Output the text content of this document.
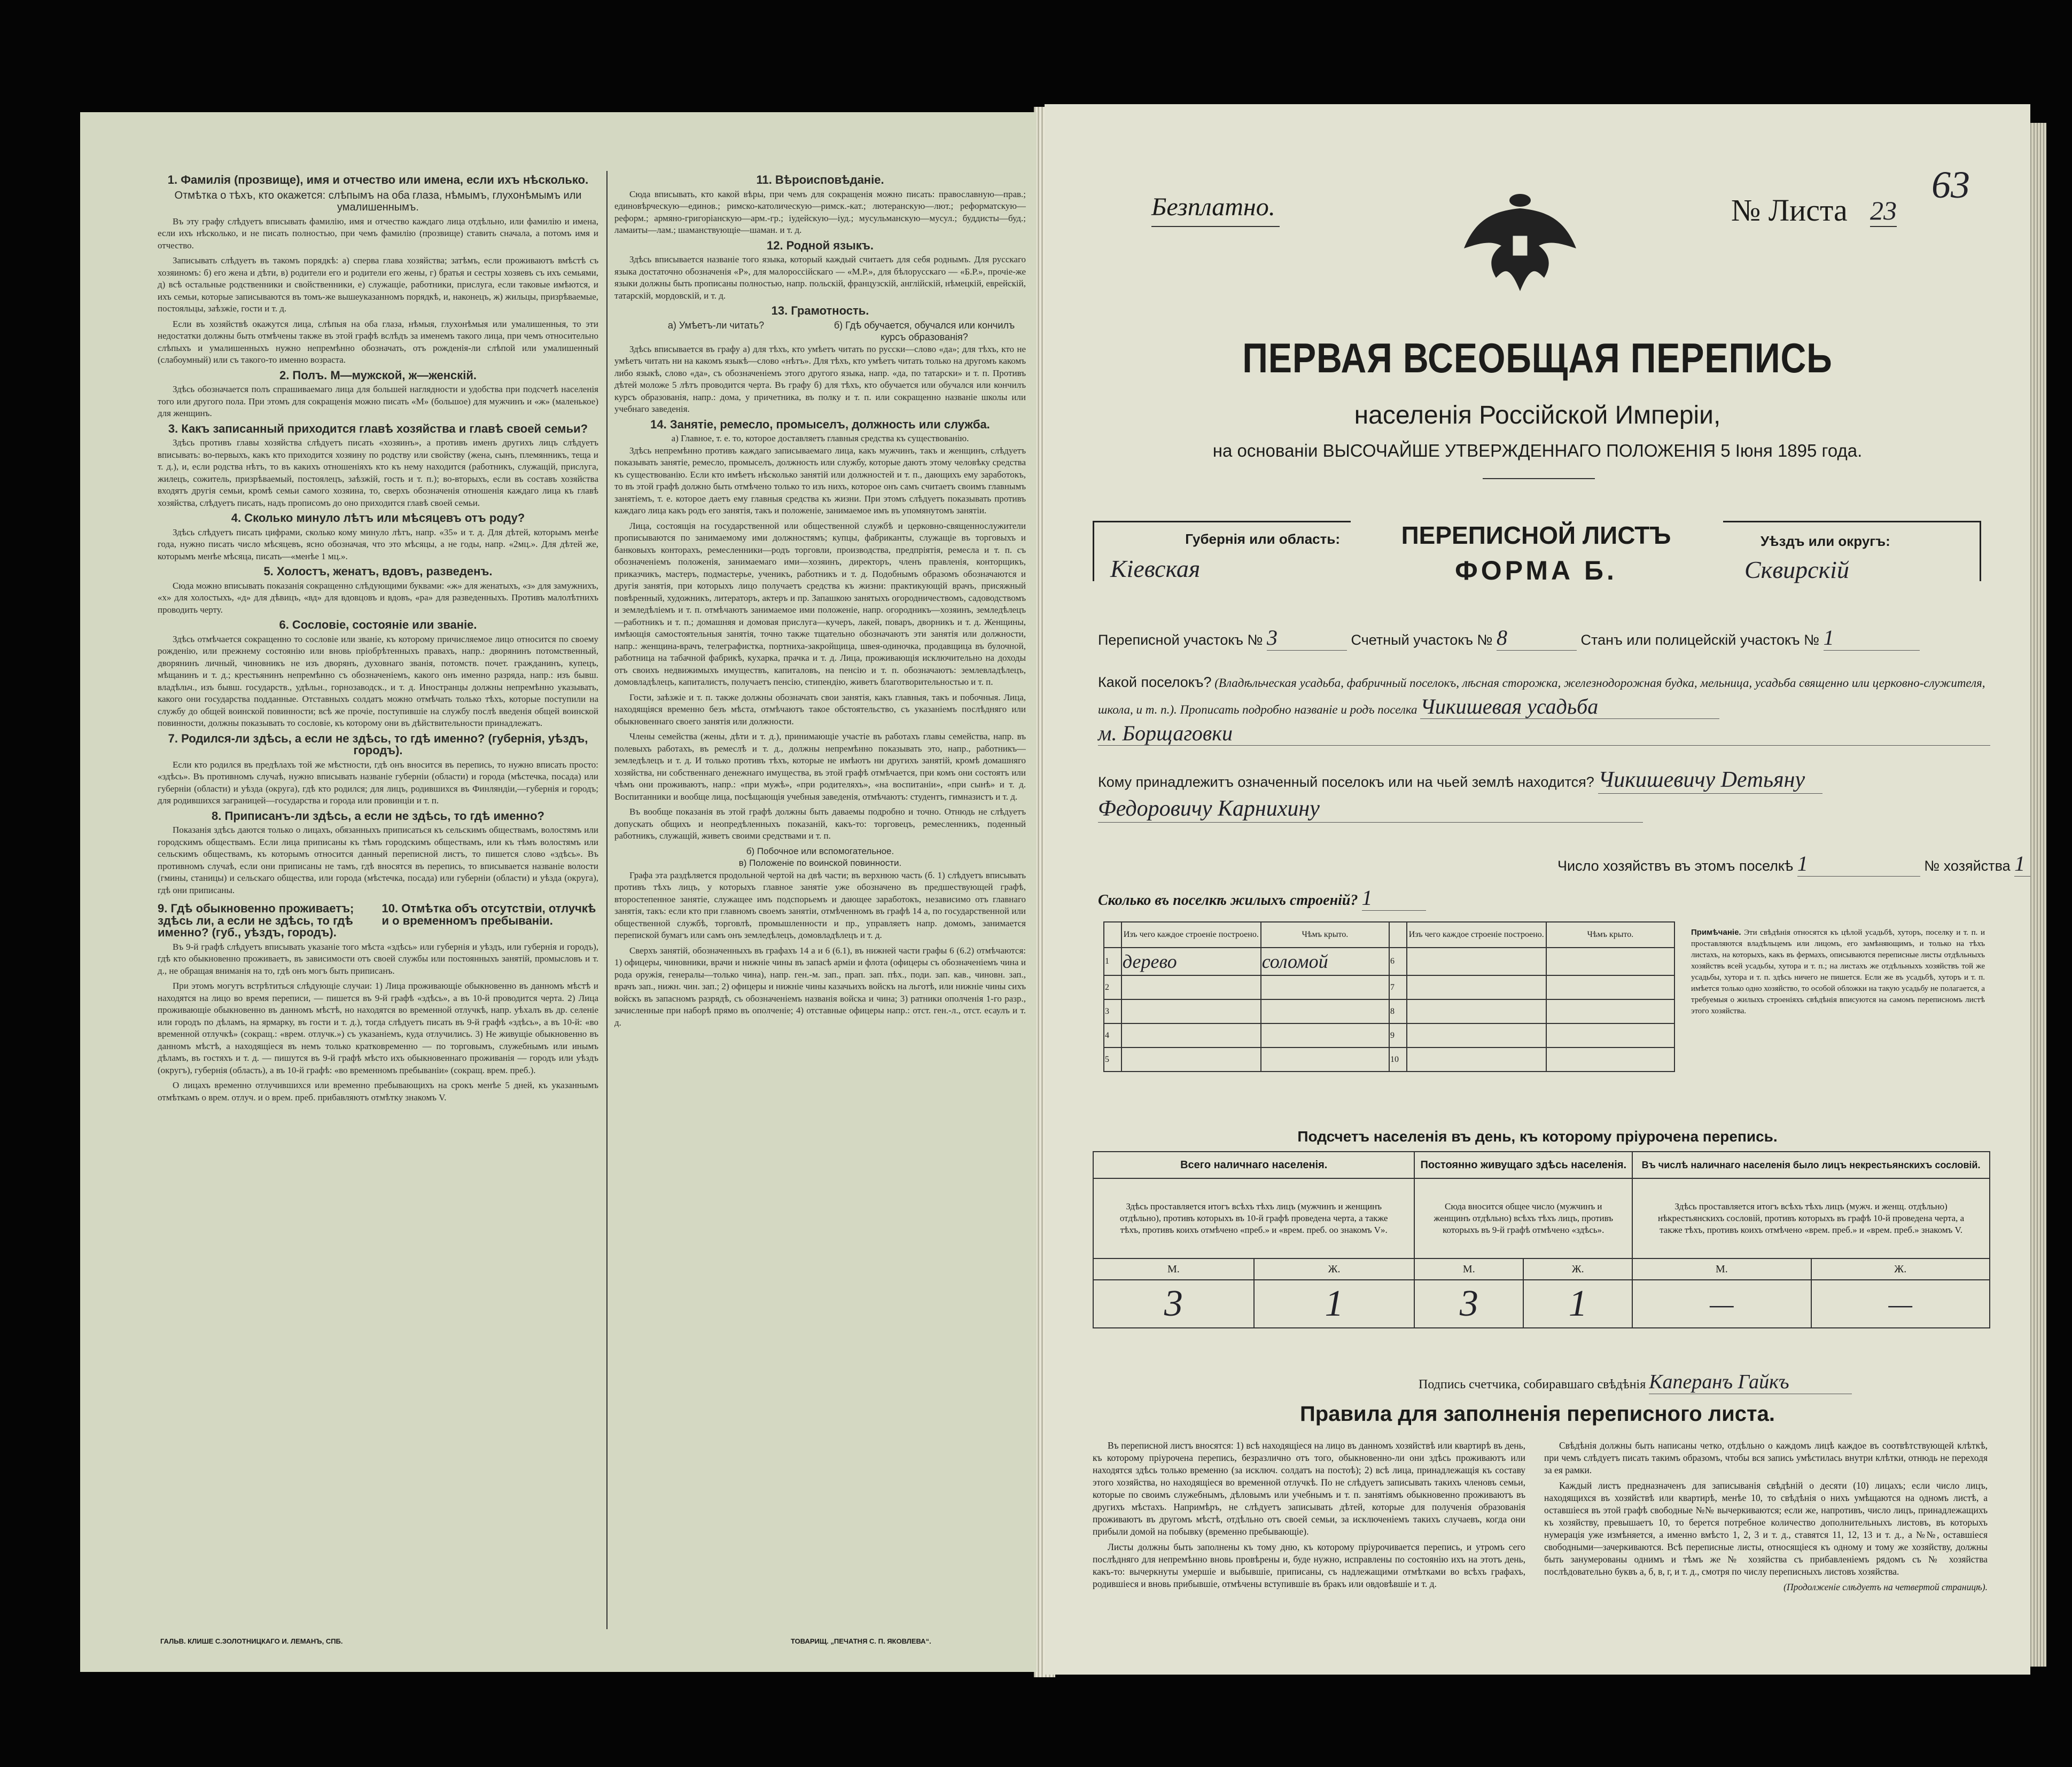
1. Фамилія (прозвище), имя и отчество или имена, если ихъ нѣсколько.
Отмѣтка о тѣхъ, кто окажется: слѣпымъ на оба глаза, нѣмымъ, глухонѣмымъ или умалишеннымъ.

Въ эту графу слѣдуетъ вписывать фамилію, имя и отчество каждаго лица отдѣльно, или фамилію и имена, если ихъ нѣсколько, и не писать полностью, при чемъ фамилію (прозвище) ставить сначала, а потомъ имя и отчество.

Записывать слѣдуетъ въ такомъ порядкѣ: а) сперва глава хозяйства; затѣмъ, если проживаютъ вмѣстѣ съ хозяиномъ: б) его жена и дѣти, в) родители его и родители его жены, г) братья и сестры хозяевъ съ ихъ семьями, д) всѣ остальные родственники и свойственники, е) служащіе, работники, прислуга, если таковые имѣются, и ихъ семьи, которые записываются въ томъ-же вышеуказанномъ порядкѣ, и, наконецъ, ж) жильцы, призрѣваемые, постояльцы, заѣзжіе, гости и т. д.

Если въ хозяйствѣ окажутся лица, слѣпыя на оба глаза, нѣмыя, глухонѣмыя или умалишенныя, то эти недостатки должны быть отмѣчены также въ этой графѣ вслѣдъ за именемъ такого лица, при чемъ относительно слѣпыхъ и умалишенныхъ нужно непремѣнно обозначать, отъ рожденія-ли слѣпой или умалишенный (слабоумный) или съ такого-то именно возраста.

2. Полъ. М—мужской, ж—женскій.

Здѣсь обозначается полъ спрашиваемаго лица для большей наглядности и удобства при подсчетѣ населенія того или другого пола. При этомъ для сокращенія можно писать «М» (большое) для мужчинъ и «ж» (маленькое) для женщинъ.

3. Какъ записанный приходится главѣ хозяйства и главѣ своей семьи?

Здѣсь противъ главы хозяйства слѣдуетъ писать «хозяинъ», а противъ именъ другихъ лицъ слѣдуетъ вписывать: во-первыхъ, какъ кто приходится хозяину по родству или свойству (жена, сынъ, племянникъ, теща и т. д.), и, если родства нѣтъ, то въ какихъ отношеніяхъ кто къ нему находится (работникъ, служащій, прислуга, жилецъ, сожитель, призрѣваемый, постоялецъ, заѣзжій, гость и т. п.); во-вторыхъ, если въ составъ хозяйства входятъ другія семьи, кромѣ семьи самого хозяина, то, сверхъ обозначенія отношенія каждаго лица къ главѣ хозяйства, слѣдуетъ писать, надъ прописомъ до оно приходится главѣ своей семьи.

4. Сколько минуло лѣтъ или мѣсяцевъ отъ роду?

Здѣсь слѣдуетъ писать цифрами, сколько кому минуло лѣтъ, напр. «35» и т. д. Для дѣтей, которымъ менѣе года, нужно писать число мѣсяцевъ, ясно обозначая, что это мѣсяцы, а не годы, напр. «2мц.». Для дѣтей же, которымъ менѣе мѣсяца, писать—«менѣе 1 мц.».

5. Холостъ, женатъ, вдовъ, разведенъ.

Сюда можно вписывать показанія сокращенно слѣдующими буквами: «ж» для женатыхъ, «з» для замужнихъ, «х» для холостыхъ, «д» для дѣвицъ, «вд» для вдовцовъ и вдовъ, «ра» для разведенныхъ. Противъ малолѣтнихъ проводить черту.

6. Сословіе, состояніе или званіе.

Здѣсь отмѣчается сокращенно то сословіе или званіе, къ которому причисляемое лицо относится по своему рожденію, или прежнему состоянію или вновь пріобрѣтенныхъ правахъ, напр.: дворянинъ потомственный, дворянинъ личный, чиновникъ не изъ дворянъ, духовнаго званія, потомств. почет. гражданинъ, купецъ, мѣщанинъ и т. д.; крестьянинъ непремѣнно съ обозначеніемъ, какого онъ именно разряда, напр.: изъ бывш. владѣльч., изъ бывш. государств., удѣльн., горнозаводск., и т. д. Иностранцы должны непремѣнно указывать, какого они государства подданные. Отставныхъ солдатъ можно отмѣчать только тѣхъ, которые поступили на службу до общей воинской повинности; всѣ же прочіе, поступившіе на службу послѣ введенія общей воинской повинности, должны показывать то сословіе, къ которому они въ дѣйствительности принадлежатъ.

7. Родился-ли здѣсь, а если не здѣсь, то гдѣ именно? (губернія, уѣздъ, городъ).

Если кто родился въ предѣлахъ той же мѣстности, гдѣ онъ вносится въ перепись, то нужно вписать просто: «здѣсь». Въ противномъ случаѣ, нужно вписывать названіе губерніи (области) и города (мѣстечка, посада) или губерніи (области) и уѣзда (округа), гдѣ кто родился; для лицъ, родившихся въ Финляндіи,—губернія и городъ; для родившихся заграницей—государства и города или провинціи и т. п.

8. Приписанъ-ли здѣсь, а если не здѣсь, то гдѣ именно?

Показанія здѣсь даются только о лицахъ, обязанныхъ приписаться къ сельскимъ обществамъ, волостямъ или городскимъ обществамъ. Если лица приписаны къ тѣмъ городскимъ обществамъ, или къ тѣмъ волостямъ или сельскимъ обществамъ, къ которымъ относится данный переписной листъ, то пишется слово «здѣсь». Въ противномъ случаѣ, если они приписаны не тамъ, гдѣ вносятся въ перепись, то вписывается названіе волости (гмины, станицы) и сельскаго общества, или города (мѣстечка, посада) или губерніи (области) и уѣзда (округа), гдѣ они приписаны.

9. Гдѣ обыкновенно проживаетъ; здѣсь ли, а если не здѣсь, то гдѣ именно? (губ., уѣздъ, городъ).
10. Отмѣтка объ отсутствіи, отлучкѣ и о временномъ пребываніи.

Въ 9-й графѣ слѣдуетъ вписывать указаніе того мѣста «здѣсь» или губернія и уѣздъ, или губернія и городъ), гдѣ кто обыкновенно проживаетъ, въ зависимости отъ своей службы или постоянныхъ занятій, промысловъ и т. д., не обращая вниманія на то, гдѣ онъ могъ быть приписанъ.

При этомъ могутъ встрѣтиться слѣдующіе случаи: 1) Лица проживающіе обыкновенно въ данномъ мѣстѣ и находятся на лицо во время переписи, — пишется въ 9-й графѣ «здѣсь», а въ 10-й проводится черта. 2) Лица проживающіе обыкновенно въ данномъ мѣстѣ, но находятся во временной отлучкѣ, напр. уѣхалъ въ др. селеніе или городъ по дѣламъ, на ярмарку, въ гости и т. д.), тогда слѣдуетъ писать въ 9-й графѣ «здѣсь», а въ 10-й: «во временной отлучкѣ» (сокращ.: «врем. отлучк.») съ указаніемъ, куда отлучились. 3) Не живущіе обыкновенно въ данномъ мѣстѣ, а находящіеся въ немъ только кратковременно — по торговымъ, служебнымъ или инымъ дѣламъ, въ гостяхъ и т. д. — пишутся въ 9-й графѣ мѣсто ихъ обыкновеннаго проживанія — городъ или уѣздъ (округъ), губернія (область), а въ 10-й графѣ: «во временномъ пребываніи» (сокращ. врем. преб.).

О лицахъ временно отлучившихся или временно пребывающихъ на срокъ менѣе 5 дней, къ указаннымъ отмѣткамъ о врем. отлуч. и о врем. преб. прибавляютъ отмѣтку знакомъ V.

11. Вѣроисповѣданіе.

Сюда вписывать, кто какой вѣры, при чемъ для сокращенія можно писать: православную—прав.; единовѣрческую—единов.; римско-католическую—римск.-кат.; лютеранскую—лют.; реформатскую—реформ.; армяно-григоріанскую—арм.-гр.; іудейскую—іуд.; мусульманскую—мусул.; буддисты—буд.; ламаиты—лам.; шаманствующіе—шаман. и т. д.

12. Родной языкъ.

Здѣсь вписывается названіе того языка, который каждый считаетъ для себя роднымъ. Для русскаго языка достаточно обозначенія «Р», для малороссійскаго — «М.Р.», для бѣлорусскаго — «Б.Р.», прочіе-же языки должны быть прописаны полностью, напр. польскій, французскій, англійскій, нѣмецкій, еврейскій, татарскій, мордовскій, и т. д.

13. Грамотность.
а) Умѣетъ-ли читать?	б) Гдѣ обучается, обучался или кончилъ курсъ образованія?

Здѣсь вписывается въ графу а) для тѣхъ, кто умѣетъ читать по русски—слово «да»; для тѣхъ, кто не умѣетъ читать ни на какомъ языкѣ—слово «нѣтъ». Для тѣхъ, кто умѣетъ читать только на другомъ какомъ либо языкѣ, слово «да», съ обозначеніемъ этого другого языка, напр. «да, по татарски» и т. п. Противъ дѣтей моложе 5 лѣтъ проводится черта. Въ графу б) для тѣхъ, кто обучается или обучался или кончилъ курсъ образованія, напр.: дома, у причетника, въ полку и т. п. или сокращенно названіе школы или учебнаго заведенія.

14. Занятіе, ремесло, промыселъ, должность или служба.
а) Главное, т. е. то, которое доставляетъ главныя средства къ существованію.

Здѣсь непремѣнно противъ каждаго записываемаго лица, какъ мужчинъ, такъ и женщинъ, слѣдуетъ показывать занятіе, ремесло, промыселъ, должность или службу, которые даютъ этому человѣку средства къ существованію. Если кто имѣетъ нѣсколько занятій или должностей и т. п., дающихъ ему заработокъ, то въ этой графѣ должно быть отмѣчено только то изъ нихъ, которое онъ самъ считаетъ своимъ главнымъ занятіемъ, т. е. которое даетъ ему главныя средства къ жизни. При этомъ слѣдуетъ показывать противъ каждаго лица какъ родъ его занятія, такъ и положеніе, занимаемое имъ въ упомянутомъ занятіи.

Лица, состоящія на государственной или общественной службѣ и церковно-священнослужители прописываются по занимаемому ими должностямъ; купцы, фабриканты, служащіе въ торговыхъ и банковыхъ конторахъ, ремесленники—родъ торговли, производства, предпріятія, ремесла и т. п. съ обозначеніемъ положенія, занимаемаго ими—хозяинъ, директоръ, членъ правленія, конторщикъ, приказчикъ, мастеръ, подмастерье, ученикъ, работникъ и т. д. Подобнымъ образомъ обозначаются и другія занятія, при которыхъ лицо получаетъ средства къ жизни: практикующій врачъ, присяжный повѣренный, художникъ, литераторъ, актеръ и пр. Запашкою занятыхъ огородничествомъ, садоводствомъ и земледѣліемъ и т. п. отмѣчаютъ занимаемое ими положеніе, напр. огородникъ—хозяинъ, земледѣлецъ—работникъ и т. п.; домашняя и домовая прислуга—кучеръ, лакей, поваръ, дворникъ и т. д. Женщины, имѣющія самостоятельныя занятія, точно также тщательно обозначаютъ эти занятія или должности, напр.: женщина-врачъ, телеграфистка, портниха-закройщица, швея-одиночка, продавщица въ булочной, работница на табачной фабрикѣ, кухарка, прачка и т. д. Лица, проживающія исключительно на доходы отъ своихъ недвижимыхъ имуществъ, капиталовъ, на пенсію и т. п. обозначаютъ: землевладѣлецъ, домовладѣлецъ, капиталистъ, получаетъ пенсію, стипендію, живетъ благотворительностью и т. п.

Гости, заѣзжіе и т. п. также должны обозначать свои занятія, какъ главныя, такъ и побочныя. Лица, находящіяся временно безъ мѣста, отмѣчаютъ такое обстоятельство, съ указаніемъ послѣдняго или обыкновеннаго своего занятія или должности.

Члены семейства (жены, дѣти и т. д.), принимающіе участіе въ работахъ главы семейства, напр. въ полевыхъ работахъ, въ ремеслѣ и т. д., должны непремѣнно показывать это, напр., работникъ—земледѣлецъ и т. д. И только противъ тѣхъ, которые не имѣютъ ни другихъ занятій, кромѣ домашняго хозяйства, ни собственнаго денежнаго имущества, въ этой графѣ отмѣчается, при комъ они состоятъ или чѣмъ они проживаютъ, напр.: «при мужѣ», «при родителяхъ», «на воспитаніи», «при сынѣ» и т. д. Воспитанники и вообще лица, посѣщающія учебныя заведенія, отмѣчаютъ: студентъ, гимназистъ и т. д.

Въ вообще показанія въ этой графѣ должны быть даваемы подробно и точно. Отнюдь не слѣдуетъ допускать общихъ и неопредѣленныхъ показаній, какъ-то: торговецъ, ремесленникъ, поденный работникъ, служащій, живетъ своими средствами и т. п.

б) Побочное или вспомогательное.
в) Положеніе по воинской повинности.

Графа эта раздѣляется продольной чертой на двѣ части; въ верхнюю часть (б. 1) слѣдуетъ вписывать противъ тѣхъ лицъ, у которыхъ главное занятіе уже обозначено въ предшествующей графѣ, второстепенное занятіе, служащее имъ подспорьемъ и дающее заработокъ, независимо отъ главнаго занятія, такъ: если кто при главномъ своемъ занятіи, отмѣченномъ въ графѣ 14 а, по государственной или общественной службѣ, торговлѣ, промышленности и пр., управляетъ напр. домомъ, занимается перепиской бумагъ или самъ онъ земледѣлецъ, домовладѣлецъ и т. д.

Сверхъ занятій, обозначенныхъ въ графахъ 14 а и 6 (6.1), въ нижней части графы 6 (6.2) отмѣчаются: 1) офицеры, чиновники, врачи и нижніе чины въ запасѣ арміи и флота (офицеры съ обозначеніемъ чина и рода оружія, генералы—только чина), напр. ген.-м. зап., прап. зап. пѣх., поди. зап. кав., чиновн. зап., врачъ зап., нижн. чин. зап.; 2) офицеры и нижніе чины казачьихъ войскъ на льготѣ, или нижніе чины сихъ войскъ въ запасномъ разрядѣ, съ обозначеніемъ названія войска и чина; 3) ратники ополченія 1-го разр., зачисленные при наборѣ прямо въ ополченіе; 4) отставные офицеры напр.: отст. ген.-л., отст. есаулъ и т. д.

ГАЛЬВ. КЛИШЕ С.ЗОЛОТНИЦКАГО И. ЛЕМАНЪ, СПБ.	ТОВАРИЩ. „ПЕЧАТНЯ С. П. ЯКОВЛЕВА“.
Безплатно.	№ Листа 23
63
ПЕРВАЯ ВСЕОБЩАЯ ПЕРЕПИСЬ
населенія Россійской Имперіи,
на основаніи ВЫСОЧАЙШЕ УТВЕРЖДЕННАГО ПОЛОЖЕНІЯ 5 Іюня 1895 года.
Губернія или область:
Кіевская
ПЕРЕПИСНОЙ ЛИСТЪ
ФОРМА Б.
Уѣздъ или округъ:
Сквирскій
Переписной участокъ № 3	Счетный участокъ № 8	Станъ или полицейскій участокъ № 1
Какой поселокъ? (Владѣльческая усадьба, фабричный поселокъ, лѣсная сторожка, железнодорожная будка, мельница, усадьба священно или церковно-служителя, школа, и т. п.). Прописать подробно названіе и родъ поселка Чикишевая усадьба
м. Борщаговки
Кому принадлежитъ означенный поселокъ или на чьей землѣ находится? Чикишевичу Demьяну
Федоровичу Карнихину
Число хозяйствъ въ этомъ поселкѣ 1	№ хозяйства 1
Сколько въ поселкѣ жилыхъ строеній? 1
	Изъ чего каждое строеніе построено.	Чѣмъ крыто.		Изъ чего каждое строеніе построено.	Чѣмъ крыто.
1	дерево	соломой	6		
2			7		
3			8		
4			9		
5			10		
Примѣчаніе. Эти свѣдѣнія относятся къ цѣлой усадьбѣ, хуторъ, поселку и т. п. и проставляются владѣльцемъ или лицомъ, его замѣняющимъ, и только на тѣхъ листахъ, на которыхъ, какъ въ фермахъ, описываются переписные листы отдѣльныхъ хозяйствъ всей усадьбы, хутора и т. п.; на листахъ же отдѣльныхъ хозяйствъ той же усадьбы, хутора и т. п. здѣсь ничего не пишется. Если же въ усадьбѣ, хуторъ и т. п. имѣется только одно хозяйство, то особой обложки на такую усадьбу не полагается, а требуемыя о жилыхъ строеніяхъ свѣдѣнія вписуются на самомъ переписномъ листѣ этого хозяйства.
Подсчетъ населенія въ день, къ которому пріурочена перепись.
Всего наличнаго населенія.		Постоянно живущаго здѣсь населенія.		Въ числѣ наличнаго населенія было лицъ некрестьянскихъ сословій.	
Здѣсь проставляется итогъ всѣхъ тѣхъ лицъ (мужчинъ и женщинъ отдѣльно), противъ которыхъ въ 10-й графѣ проведена черта, а также тѣхъ, противъ коихъ отмѣчено «преб.» и «врем. преб. оо знакомъ V».		Сюда вносится общее число (мужчинъ и женщинъ отдѣльно) всѣхъ тѣхъ лицъ, противъ которыхъ въ 9-й графѣ отмѣчено «здѣсь».		Здѣсь проставляется итогъ всѣхъ тѣхъ лицъ (мужч. и женщ. отдѣльно) нѣкрестьянскихъ сословій, противъ которыхъ въ графѣ 10-й проведена черта, а также тѣхъ, противъ коихъ отмѣчено «врем. преб.» и «врем. преб.» знакомъ V.	
М.	Ж.	М.	Ж.	М.	Ж.
3	1	3	1	—	—
Подпись счетчика, собиравшаго свѣдѣнія Каперанъ Гайкъ
Правила для заполненія переписного листа.

Въ переписной листъ вносятся: 1) всѣ находящіеся на лицо въ данномъ хозяйствѣ или квартирѣ въ день, къ которому пріурочена перепись, безразлично отъ того, обыкновенно-ли они здѣсь проживаютъ или находятся здѣсь только временно (за исключ. солдатъ на постоѣ); 2) всѣ лица, принадлежащія къ составу этого хозяйства, но находящіеся во временной отлучкѣ. По не слѣдуетъ записывать такихъ членовъ семьи, которые по своимъ служебнымъ, дѣловымъ или учебнымъ и т. п. занятіямъ обыкновенно проживаютъ въ другихъ мѣстахъ. Напримѣръ, не слѣдуетъ записывать дѣтей, которые для полученія образованія проживаютъ въ другомъ мѣстѣ, отдѣльно отъ своей семьи, за исключеніемъ такихъ случаевъ, когда они прибыли домой на побывку (временно пребывающіе).

Листы должны быть заполнены къ тому дню, къ которому пріурочивается перепись, и утромъ сего послѣдняго для непремѣнно вновь провѣрены и, буде нужно, исправлены по состоянію ихъ на этотъ день, какъ-то: вычеркнуты умершіе и выбывшіе, приписаны, съ надлежащими отмѣтками во всѣхъ графахъ, родившіеся и вновь прибывшіе, отмѣчены вступившіе въ бракъ или овдовѣвшіе и т. д.

Свѣдѣнія должны быть написаны четко, отдѣльно о каждомъ лицѣ каждое въ соотвѣтствующей клѣткѣ, при чемъ слѣдуетъ писать такимъ образомъ, чтобы вся запись умѣстилась внутри клѣтки, отнюдь не переходя за ея рамки.

Каждый листъ предназначенъ для записыванія свѣдѣній о десяти (10) лицахъ; если число лицъ, находящихся въ хозяйствѣ или квартирѣ, менѣе 10, то свѣдѣнія о нихъ умѣщаются на одномъ листѣ, а оставшіеся въ этой графѣ свободные №№ вычеркиваются; если же, напротивъ, число лицъ, принадлежащихъ къ хозяйству, превышаетъ 10, то берется потребное количество дополнительныхъ листовъ, въ которыхъ нумерація уже измѣняется, а именно вмѣсто 1, 2, 3 и т. д., ставятся 11, 12, 13 и т. д., а №№, оставшіеся свободными—зачеркиваются. Всѣ переписные листы, относящіеся къ одному и тому же хозяйству, должны быть занумерованы однимъ и тѣмъ же № хозяйства съ прибавленіемъ рядомъ съ № хозяйства послѣдовательно буквъ а, б, в, г, и т. д., смотря по числу переписныхъ листовъ хозяйства.

(Продолженіе слѣдуетъ на четвертой страницѣ).
